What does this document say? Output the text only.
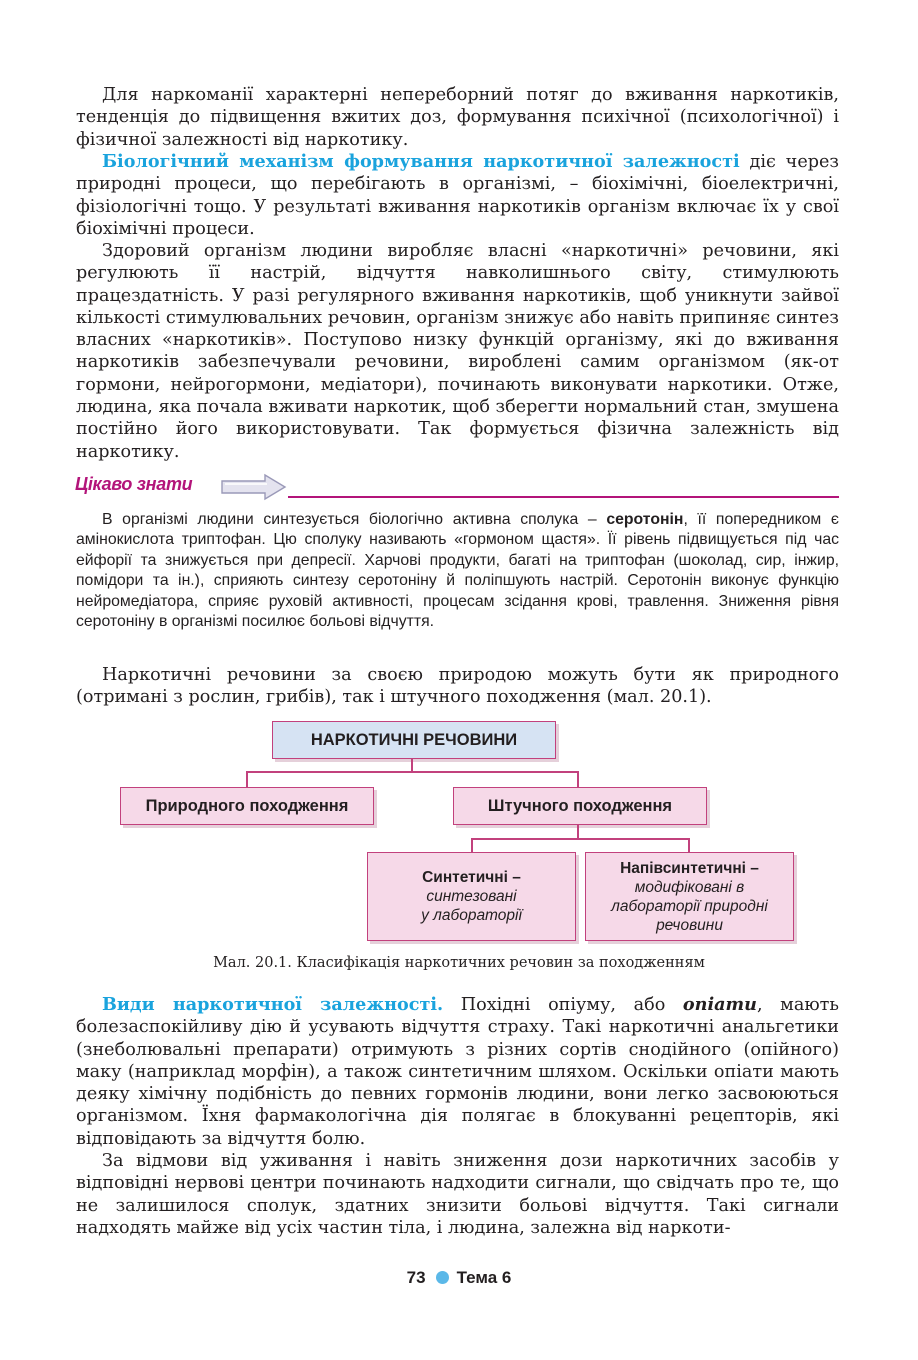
Для наркоманії характерні непереборний потяг до вживання наркотиків, тенденція до підвищення вжитих доз, формування психічної (психологічної) і фізичної залежності від наркотику.

Біологічний механізм формування наркотичної залежності діє через природні процеси, що перебігають в організмі, – біохімічні, біоелектричні, фізіологічні тощо. У результаті вживання наркотиків організм включає їх у свої біохімічні процеси.

Здоровий організм людини виробляє власні «наркотичні» речовини, які регулюють її настрій, відчуття навколишнього світу, стимулюють працездатність. У разі регулярного вживання наркотиків, щоб уникнути зайвої кількості стимулювальних речовин, організм знижує або навіть припиняє синтез власних «наркотиків». Поступово низку функцій організму, які до вживання наркотиків забезпечували речовини, вироблені самим організмом (як-от гормони, нейрогормони, медіатори), починають виконувати наркотики. Отже, людина, яка почала вживати наркотик, щоб зберегти нормальний стан, змушена постійно його використовувати. Так формується фізична залежність від наркотику.

Цікаво знати

В організмі людини синтезується біологічно активна сполука – серотонін, її попередником є амінокислота триптофан. Цю сполуку називають «гормоном щастя». Її рівень підвищується під час ейфорії та знижується при депресії. Харчові продукти, багаті на триптофан (шоколад, сир, інжир, помідори та ін.), сприяють синтезу серотоніну й поліпшують настрій. Серотонін виконує функцію нейромедіатора, сприяє руховій активності, процесам зсідання крові, травлення. Зниження рівня серотоніну в організмі посилює больові відчуття.

Наркотичні речовини за своєю природою можуть бути як природного (отримані з рослин, грибів), так і штучного походження (мал. 20.1).

НАРКОТИЧНІ РЕЧОВИНИ
Природного походження	Штучного походження
Синтетичні –
синтезовані
у лабораторії
Напівсинтетичні –
модифіковані в
лабораторії природні
речовини
Мал. 20.1. Класифікація наркотичних речовин за походженням

Види наркотичної залежності. Похідні опіуму, або опіати, мають болезаспокійливу дію й усувають відчуття страху. Такі наркотичні анальгетики (знеболювальні препарати) отримують з різних сортів снодійного (опійного) маку (наприклад морфін), а також синтетичним шляхом. Оскільки опіати мають деяку хімічну подібність до певних гормонів людини, вони легко засвоюються організмом. Їхня фармакологічна дія полягає в блокуванні рецепторів, які відповідають за відчуття болю.

За відмови від уживання і навіть зниження дози наркотичних засобів у відповідні нервові центри починають надходити сигнали, що свідчать про те, що не залишилося сполук, здатних знизити больові відчуття. Такі сигнали надходять майже від усіх частин тіла, і людина, залежна від наркоти-

73 Тема 6
